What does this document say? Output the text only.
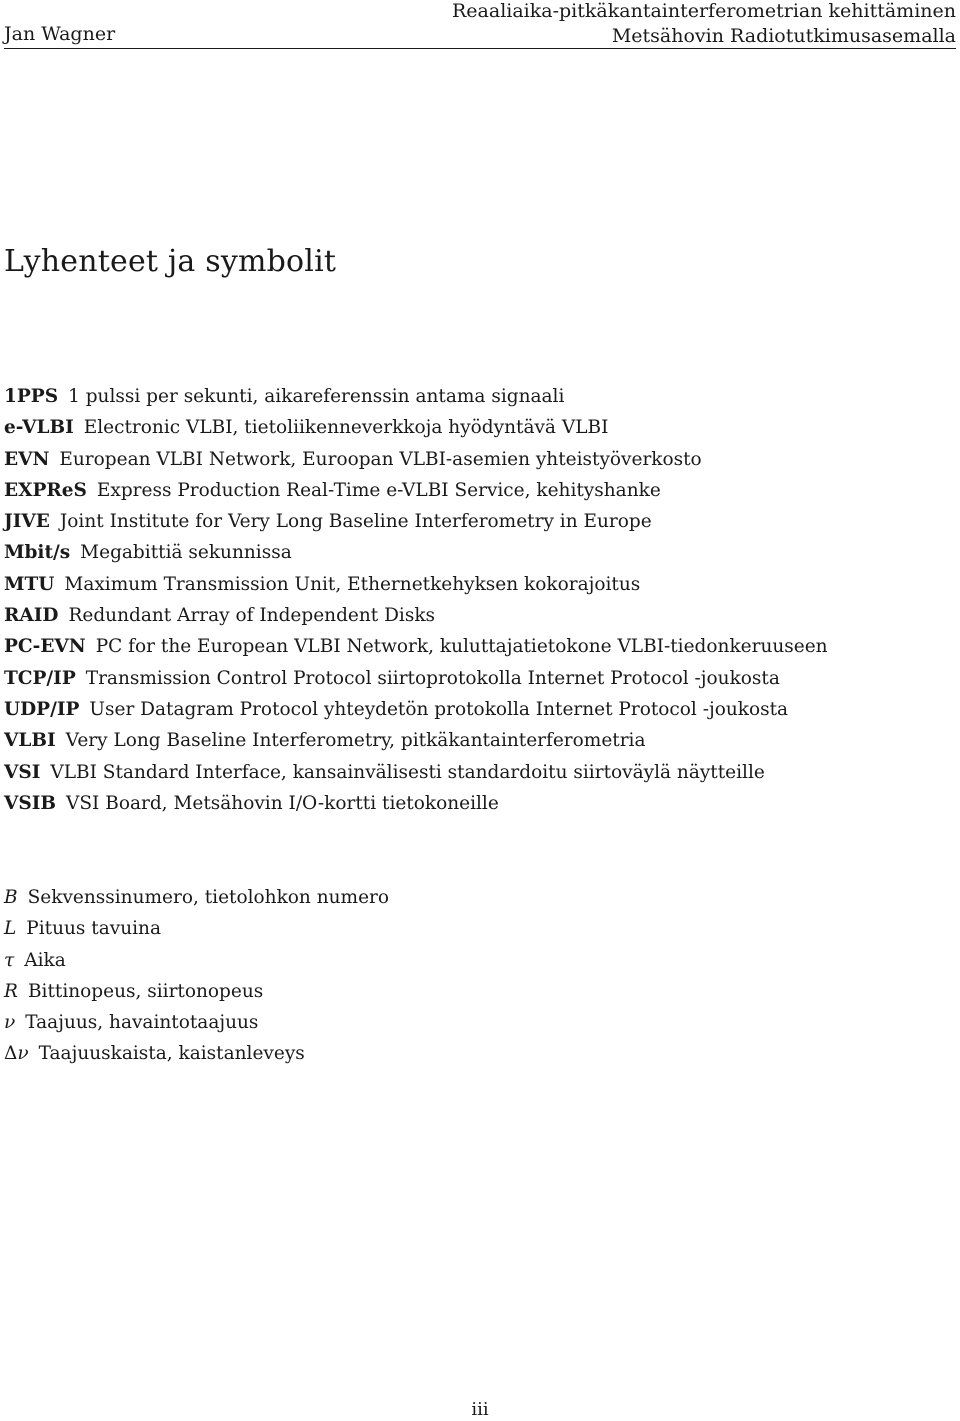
Jan Wagner
Reaaliaika-pitkäkantainterferometrian kehittäminen
Metsähovin Radiotutkimusasemalla
Lyhenteet ja symbolit
1PPS 1 pulssi per sekunti, aikareferenssin antama signaali
e-VLBI Electronic VLBI, tietoliikenneverkkoja hyödyntävä VLBI
EVN European VLBI Network, Euroopan VLBI-asemien yhteistyöverkosto
EXPReS Express Production Real-Time e-VLBI Service, kehityshanke
JIVE Joint Institute for Very Long Baseline Interferometry in Europe
Mbit/s Megabittiä sekunnissa
MTU Maximum Transmission Unit, Ethernetkehyksen kokorajoitus
RAID Redundant Array of Independent Disks
PC-EVN PC for the European VLBI Network, kuluttajatietokone VLBI-tiedonkeruuseen
TCP/IP Transmission Control Protocol siirtoprotokolla Internet Protocol -joukosta
UDP/IP User Datagram Protocol yhteydetön protokolla Internet Protocol -joukosta
VLBI Very Long Baseline Interferometry, pitkäkantainterferometria
VSI VLBI Standard Interface, kansainvälisesti standardoitu siirtoväylä näytteille
VSIB VSI Board, Metsähovin I/O-kortti tietokoneille
B Sekvenssinumero, tietolohkon numero
L Pituus tavuina
τ Aika
R Bittinopeus, siirtonopeus
ν Taajuus, havaintotaajuus
Δν Taajuuskaista, kaistanleveys
iii
